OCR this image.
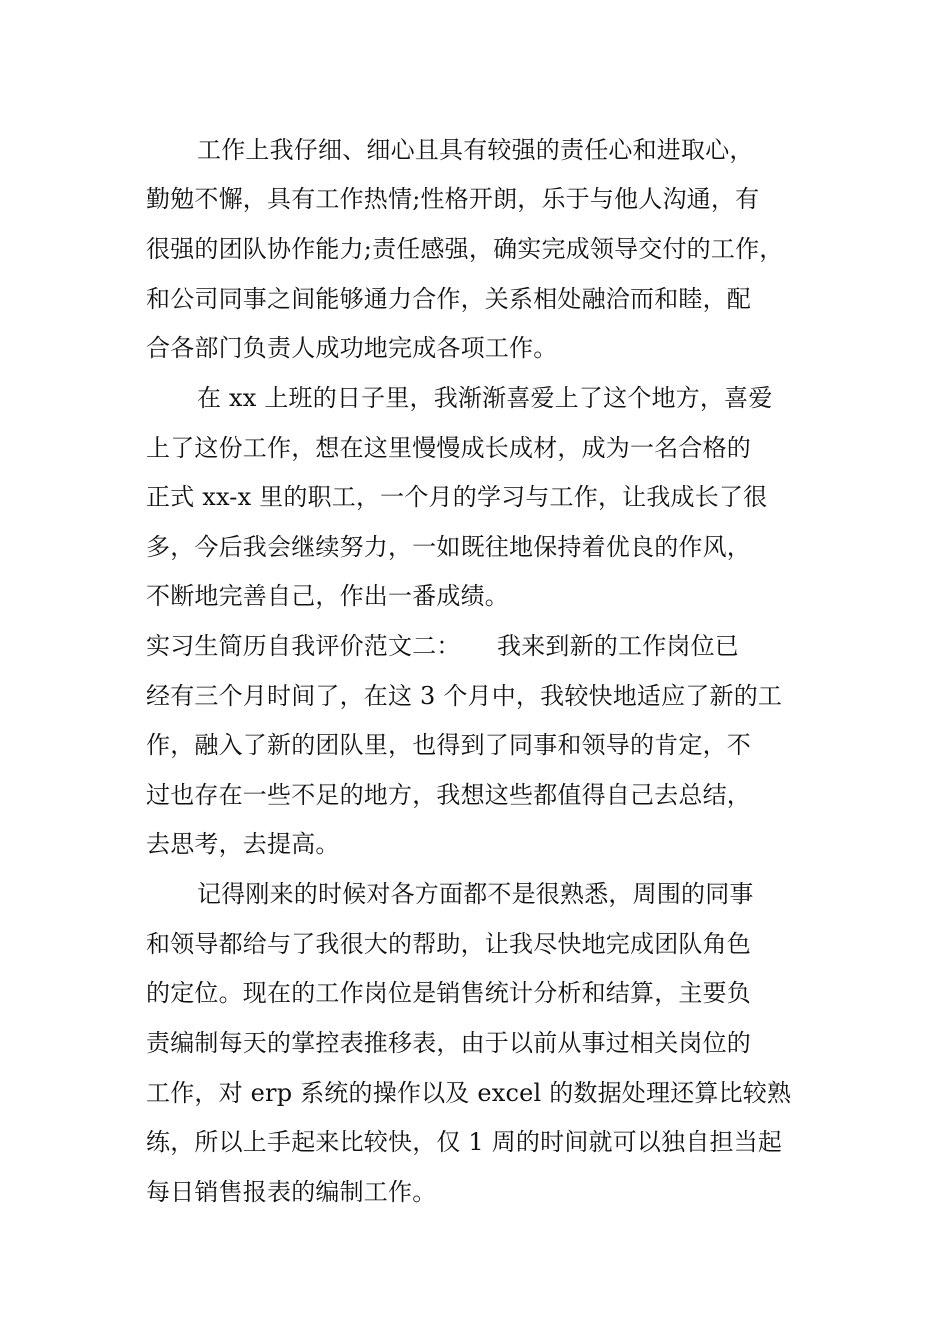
工作上我仔细、细心且具有较强的责任心和进取心，
勤勉不懈，具有工作热情;性格开朗，乐于与他人沟通，有
很强的团队协作能力;责任感强，确实完成领导交付的工作，
和公司同事之间能够通力合作，关系相处融洽而和睦，配
合各部门负责人成功地完成各项工作。
在 xx 上班的日子里，我渐渐喜爱上了这个地方，喜爱
上了这份工作，想在这里慢慢成长成材，成为一名合格的
正式 xx-x 里的职工，一个月的学习与工作，让我成长了很
多，今后我会继续努力，一如既往地保持着优良的作风，
不断地完善自己，作出一番成绩。
实习生简历自我评价范文二：　　我来到新的工作岗位已
经有三个月时间了，在这 3 个月中，我较快地适应了新的工
作，融入了新的团队里，也得到了同事和领导的肯定，不
过也存在一些不足的地方，我想这些都值得自己去总结，
去思考，去提高。
记得刚来的时候对各方面都不是很熟悉，周围的同事
和领导都给与了我很大的帮助，让我尽快地完成团队角色
的定位。现在的工作岗位是销售统计分析和结算，主要负
责编制每天的掌控表推移表，由于以前从事过相关岗位的
工作，对 erp 系统的操作以及 excel 的数据处理还算比较熟
练，所以上手起来比较快，仅 1 周的时间就可以独自担当起
每日销售报表的编制工作。
